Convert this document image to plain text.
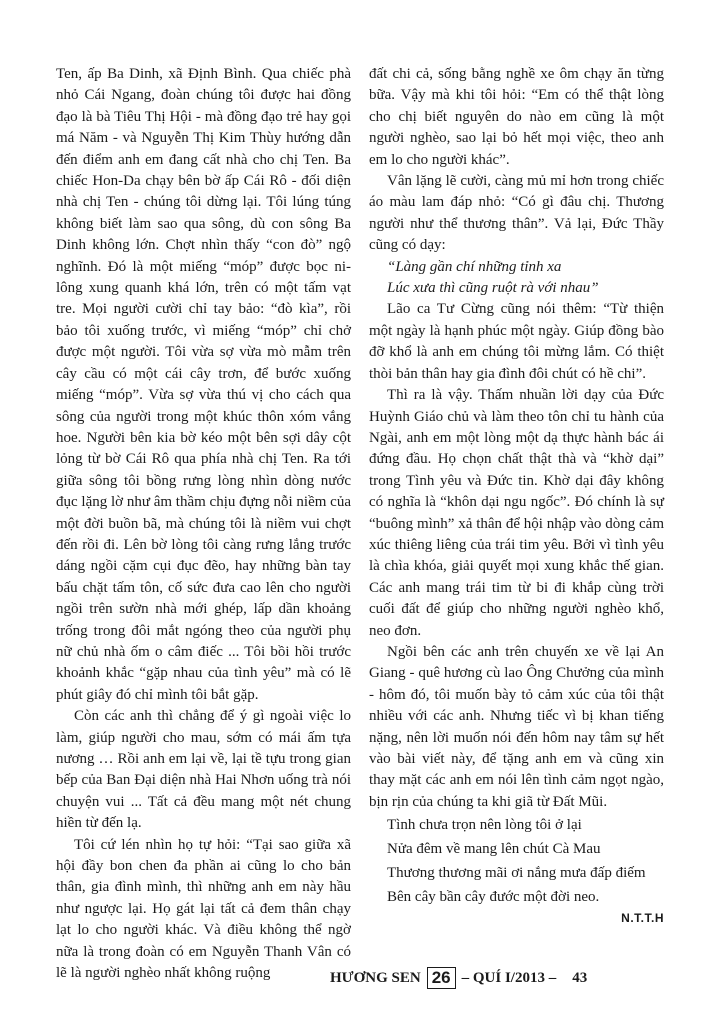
Ten, ấp Ba Dinh, xã Định Bình. Qua chiếc phà nhỏ Cái Ngang, đoàn chúng tôi được hai đồng đạo là bà Tiêu Thị Hội - mà đồng đạo trẻ hay gọi má Năm - và Nguyễn Thị Kim Thùy hướng dẫn đến điểm anh em đang cất nhà cho chị Ten. Ba chiếc Hon-Da chạy bên bờ ấp Cái Rô - đối diện nhà chị Ten - chúng tôi dừng lại. Tôi lúng túng không biết làm sao qua sông, dù con sông Ba Dinh không lớn. Chợt nhìn thấy “con đò” ngộ nghĩnh. Đó là một miếng “móp” được bọc ni-lông xung quanh khá lớn, trên có một tấm vạt tre. Mọi người cười chỉ tay bảo: “đò kìa”, rồi bảo tôi xuống trước, vì miếng “móp” chỉ chở được một người. Tôi vừa sợ vừa mò mẫm trên cây cầu có một cái cây trơn, để bước xuống miếng “móp”. Vừa sợ vừa thú vị cho cách qua sông của người trong một khúc thôn xóm vắng hoe. Người bên kia bờ kéo một bên sợi dây cột lỏng từ bờ Cái Rô qua phía nhà chị Ten. Ra tới giữa sông tôi bồng rưng lòng nhìn dòng nước đục lặng lờ như âm thầm chịu đựng nỗi niềm của một đời buồn bã, mà chúng tôi là niềm vui chợt đến rồi đi. Lên bờ lòng tôi càng rưng lắng trước dáng ngồi cặm cụi đục đẽo, hay những bàn tay bấu chặt tấm tôn, cố sức đưa cao lên cho người ngồi trên sườn nhà mới ghép, lấp dần khoảng trống trong đôi mắt ngóng theo của người phụ nữ chủ nhà ốm o câm điếc ... Tôi bồi hồi trước khoảnh khắc “gặp nhau của tình yêu” mà có lẽ phút giây đó chỉ mình tôi bắt gặp.

Còn các anh thì chẳng để ý gì ngoài việc lo làm, giúp người cho mau, sớm có mái ấm tựa nương … Rồi anh em lại về, lại tề tựu trong gian bếp của Ban Đại diện nhà Hai Nhơn uống trà nói chuyện vui ... Tất cả đều mang một nét chung hiền từ đến lạ.

Tôi cứ lén nhìn họ tự hỏi: “Tại sao giữa xã hội đầy bon chen đa phần ai cũng lo cho bản thân, gia đình mình, thì những anh em này hầu như ngược lại. Họ gát lại tất cả đem thân chạy lạt lo cho người khác. Và điều không thể ngờ nữa là trong đoàn có em Nguyễn Thanh Vân có lẽ là người nghèo nhất không ruộng

đất chi cả, sống bằng nghề xe ôm chạy ăn từng bữa. Vậy mà khi tôi hỏi: “Em có thể thật lòng cho chị biết nguyên do nào em cũng là một người nghèo, sao lại bỏ hết mọi việc, theo anh em lo cho người khác”.

Vân lặng lẽ cười, càng mủ mỉ hơn trong chiếc áo màu lam đáp nhỏ: “Có gì đâu chị. Thương người như thể thương thân”. Vả lại, Đức Thầy cũng có dạy:

“Làng gần chí những tỉnh xa

Lúc xưa thì cũng ruột rà với nhau”

Lão ca Tư Cừng cũng nói thêm: “Từ thiện một ngày là hạnh phúc một ngày. Giúp đồng bào đỡ khổ là anh em chúng tôi mừng lắm. Có thiệt thòi bản thân hay gia đình đôi chút có hề chi”.

Thì ra là vậy. Thấm nhuần lời dạy của Đức Huỳnh Giáo chủ và làm theo tôn chỉ tu hành của Ngài, anh em một lòng một dạ thực hành bác ái đứng đầu. Họ chọn chất thật thà và “khờ dại” trong Tình yêu và Đức tin. Khờ dại đây không có nghĩa là “khôn dại ngu ngốc”. Đó chính là sự “buông mình” xả thân để hội nhập vào dòng cảm xúc thiêng liêng của trái tim yêu. Bởi vì tình yêu là chìa khóa, giải quyết mọi xung khắc thế gian. Các anh mang trái tim từ bi đi khắp cùng trời cuối đất để giúp cho những người nghèo khổ, neo đơn.

Ngồi bên các anh trên chuyến xe về lại An Giang - quê hương cù lao Ông Chưởng của mình - hôm đó, tôi muốn bày tỏ cảm xúc của tôi thật nhiều với các anh. Nhưng tiếc vì bị khan tiếng nặng, nên lời muốn nói đến hôm nay tâm sự hết vào bài viết này, để tặng anh em và cũng xin thay mặt các anh em nói lên tình cảm ngọt ngào, bịn rịn của chúng ta khi giã từ Đất Mũi.

Tình chưa trọn nên lòng tôi ở lại

Nửa đêm về mang lên chút Cà Mau

Thương thương mãi ơi nắng mưa đấp điếm

Bên cây bần cây đước một đời neo.

N.T.T.H

HƯƠNG SEN 26 – QUÍ I/2013 – 43
